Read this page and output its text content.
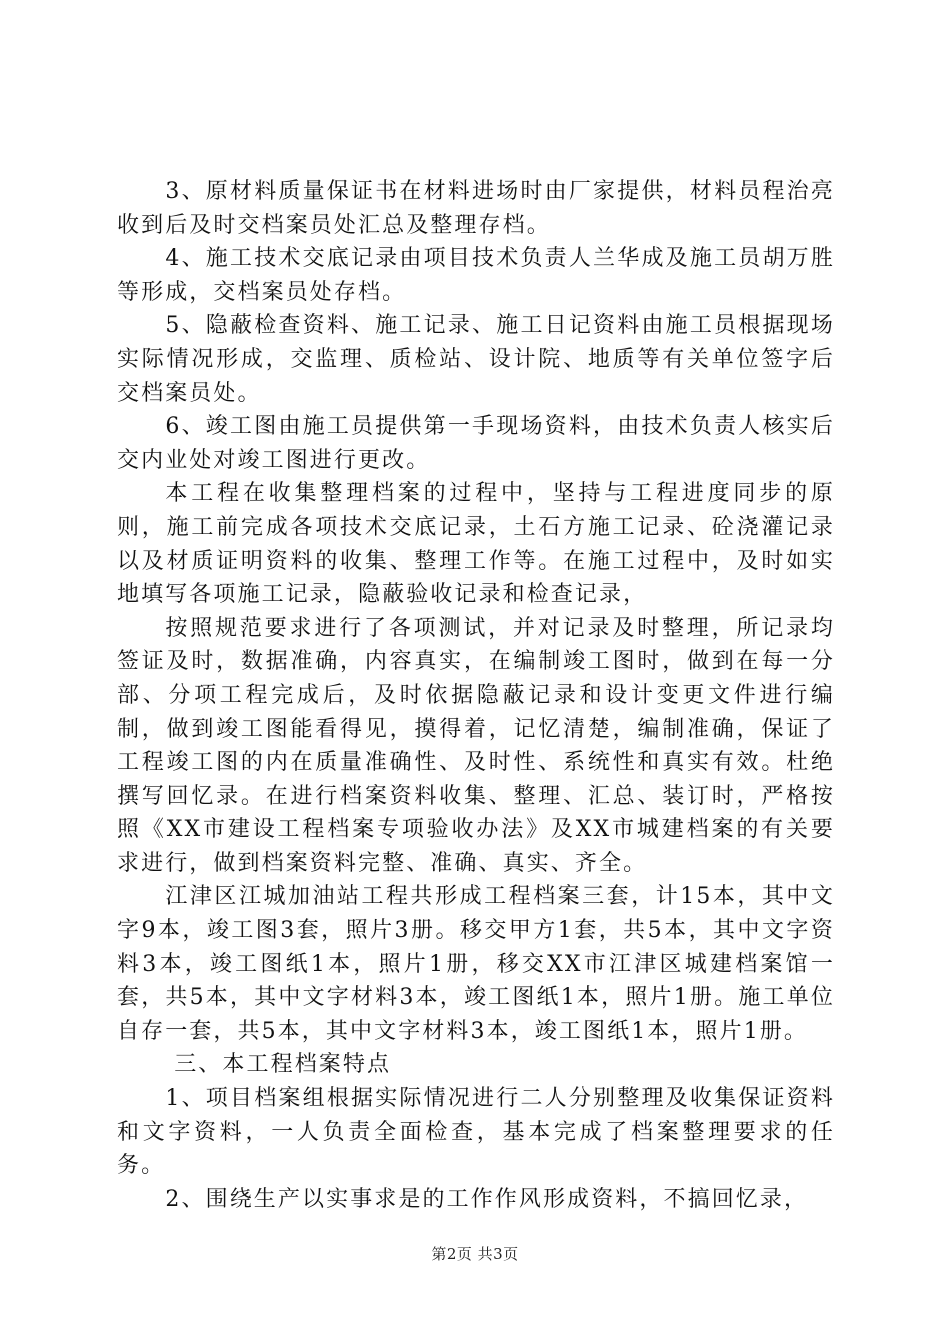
3、原材料质量保证书在材料进场时由厂家提供，材料员程治亮收到后及时交档案员处汇总及整理存档。

4、施工技术交底记录由项目技术负责人兰华成及施工员胡万胜等形成，交档案员处存档。

5、隐蔽检查资料、施工记录、施工日记资料由施工员根据现场实际情况形成，交监理、质检站、设计院、地质等有关单位签字后交档案员处。

6、竣工图由施工员提供第一手现场资料，由技术负责人核实后交内业处对竣工图进行更改。

本工程在收集整理档案的过程中，坚持与工程进度同步的原则，施工前完成各项技术交底记录，土石方施工记录、砼浇灌记录以及材质证明资料的收集、整理工作等。在施工过程中，及时如实地填写各项施工记录，隐蔽验收记录和检查记录，

按照规范要求进行了各项测试，并对记录及时整理，所记录均签证及时，数据准确，内容真实，在编制竣工图时，做到在每一分部、分项工程完成后，及时依据隐蔽记录和设计变更文件进行编制，做到竣工图能看得见，摸得着，记忆清楚，编制准确，保证了工程竣工图的内在质量准确性、及时性、系统性和真实有效。杜绝撰写回忆录。在进行档案资料收集、整理、汇总、装订时，严格按照《XX市建设工程档案专项验收办法》及XX市城建档案的有关要求进行，做到档案资料完整、准确、真实、齐全。

江津区江城加油站工程共形成工程档案三套，计15本，其中文字9本，竣工图3套，照片3册。移交甲方1套，共5本，其中文字资料3本，竣工图纸1本，照片1册，移交XX市江津区城建档案馆一套，共5本，其中文字材料3本，竣工图纸1本，照片1册。施工单位自存一套，共5本，其中文字材料3本，竣工图纸1本，照片1册。

三、本工程档案特点

1、项目档案组根据实际情况进行二人分别整理及收集保证资料和文字资料，一人负责全面检查，基本完成了档案整理要求的任务。

2、围绕生产以实事求是的工作作风形成资料，不搞回忆录，

第2页 共3页
